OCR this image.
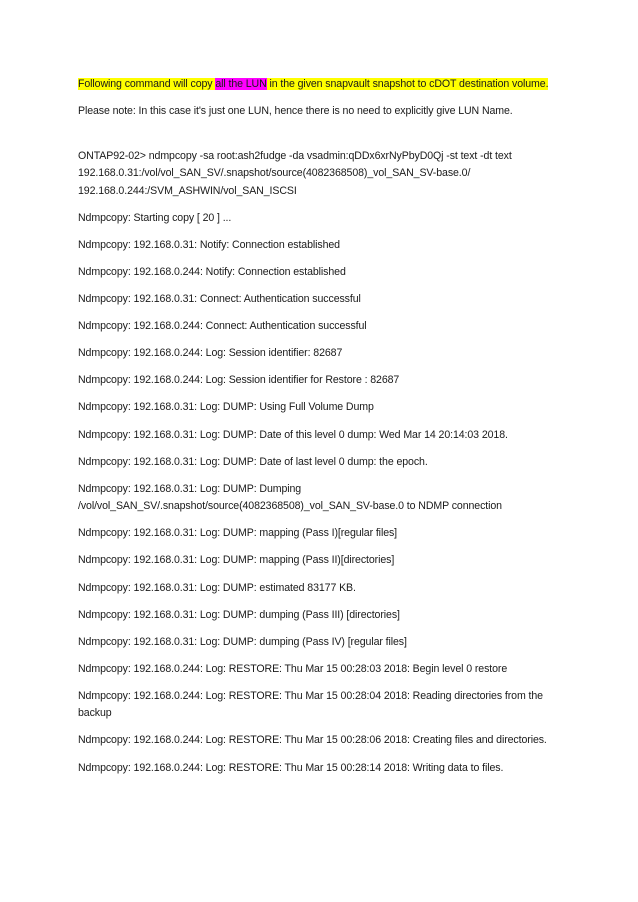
Following command will copy all the LUN in the given snapvault snapshot to cDOT destination volume.

Please note: In this case it's just one LUN, hence there is no need to explicitly give LUN Name.

ONTAP92-02> ndmpcopy -sa root:ash2fudge -da vsadmin:qDDx6xrNyPbyD0Qj -st text -dt text 192.168.0.31:/vol/vol_SAN_SV/.snapshot/source(4082368508)_vol_SAN_SV-base.0/ 192.168.0.244:/SVM_ASHWIN/vol_SAN_ISCSI

Ndmpcopy: Starting copy [ 20 ] ...

Ndmpcopy: 192.168.0.31: Notify: Connection established

Ndmpcopy: 192.168.0.244: Notify: Connection established

Ndmpcopy: 192.168.0.31: Connect: Authentication successful

Ndmpcopy: 192.168.0.244: Connect: Authentication successful

Ndmpcopy: 192.168.0.244: Log: Session identifier: 82687

Ndmpcopy: 192.168.0.244: Log: Session identifier for Restore : 82687

Ndmpcopy: 192.168.0.31: Log: DUMP: Using Full Volume Dump

Ndmpcopy: 192.168.0.31: Log: DUMP: Date of this level 0 dump: Wed Mar 14 20:14:03 2018.

Ndmpcopy: 192.168.0.31: Log: DUMP: Date of last level 0 dump: the epoch.

Ndmpcopy: 192.168.0.31: Log: DUMP: Dumping /vol/vol_SAN_SV/.snapshot/source(4082368508)_vol_SAN_SV-base.0 to NDMP connection

Ndmpcopy: 192.168.0.31: Log: DUMP: mapping (Pass I)[regular files]

Ndmpcopy: 192.168.0.31: Log: DUMP: mapping (Pass II)[directories]

Ndmpcopy: 192.168.0.31: Log: DUMP: estimated 83177 KB.

Ndmpcopy: 192.168.0.31: Log: DUMP: dumping (Pass III) [directories]

Ndmpcopy: 192.168.0.31: Log: DUMP: dumping (Pass IV) [regular files]

Ndmpcopy: 192.168.0.244: Log: RESTORE: Thu Mar 15 00:28:03 2018: Begin level 0 restore

Ndmpcopy: 192.168.0.244: Log: RESTORE: Thu Mar 15 00:28:04 2018: Reading directories from the backup

Ndmpcopy: 192.168.0.244: Log: RESTORE: Thu Mar 15 00:28:06 2018: Creating files and directories.

Ndmpcopy: 192.168.0.244: Log: RESTORE: Thu Mar 15 00:28:14 2018: Writing data to files.
